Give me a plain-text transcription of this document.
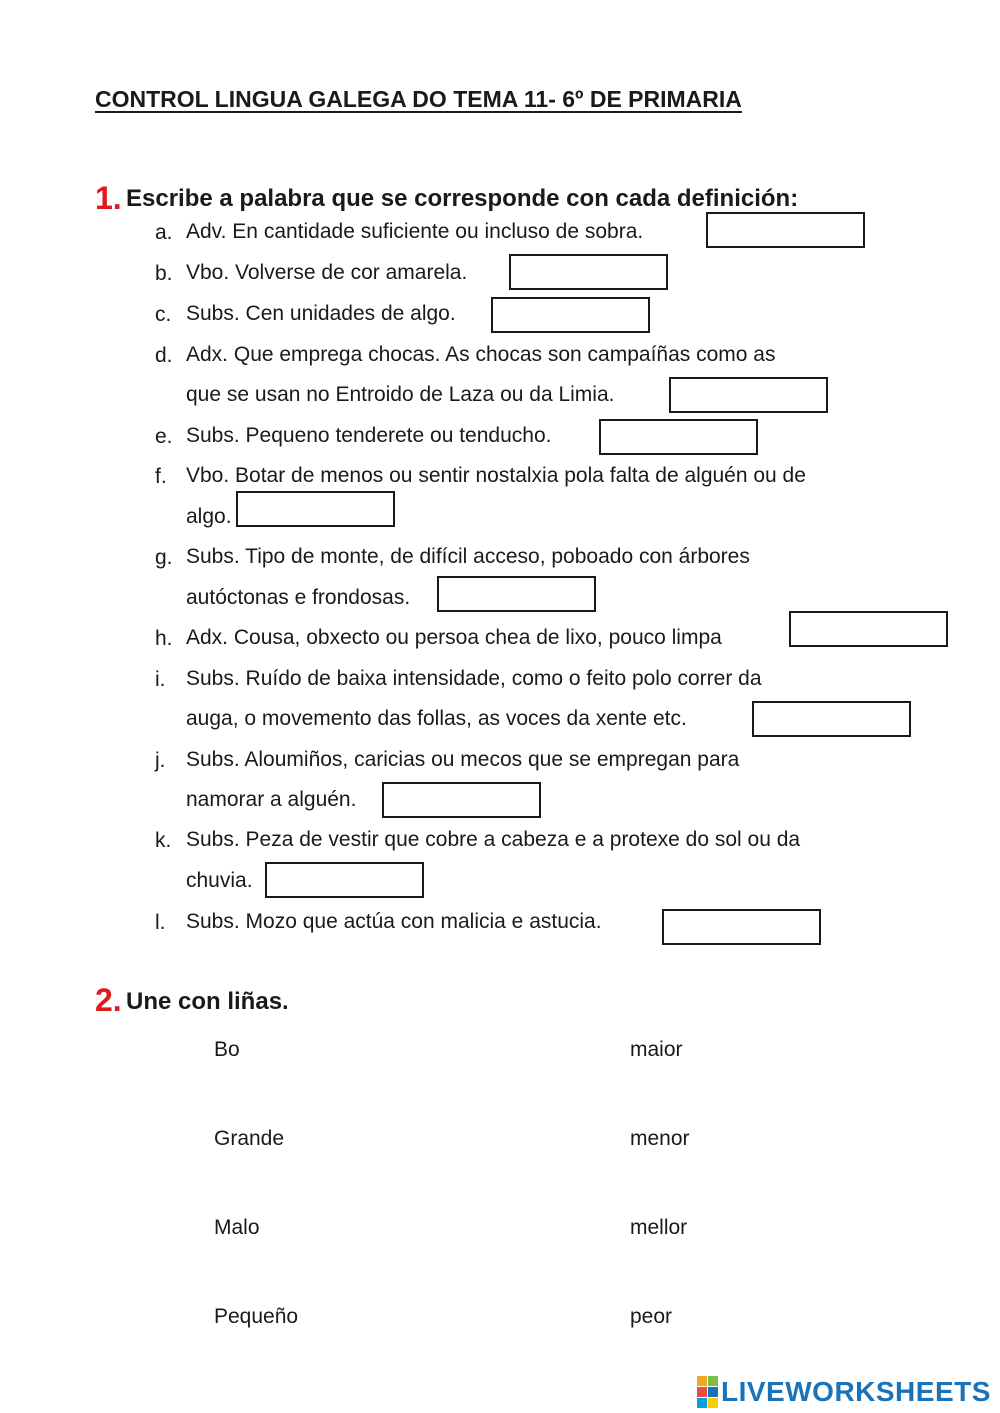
CONTROL LINGUA GALEGA DO TEMA 11- 6º DE PRIMARIA
1. Escribe a palabra que se corresponde con cada definición:
a. Adv. En cantidade suficiente ou incluso de sobra.
b. Vbo. Volverse de cor amarela.
c. Subs. Cen unidades de algo.
d. Adx. Que emprega chocas. As chocas son campaíñas como as
que se usan no Entroido de Laza ou da Limia.
e. Subs. Pequeno tenderete ou tenducho.
f. Vbo. Botar de menos ou sentir nostalxia pola falta de alguén ou de
algo.
g. Subs. Tipo de monte, de difícil acceso, poboado con árbores
autóctonas e frondosas.
h. Adx. Cousa, obxecto ou persoa chea de lixo, pouco limpa
i. Subs. Ruído de baixa intensidade, como o feito polo correr da
auga, o movemento das follas, as voces da xente etc.
j. Subs. Aloumiños, caricias ou mecos que se empregan para
namorar a alguén.
k. Subs. Peza de vestir que cobre a cabeza e a protexe do sol ou da
chuvia.
l. Subs. Mozo que actúa con malicia e astucia.
2. Une con liñas.
Bo
Grande
Malo
Pequeño
maior
menor
mellor
peor
LIVEWORKSHEETS
